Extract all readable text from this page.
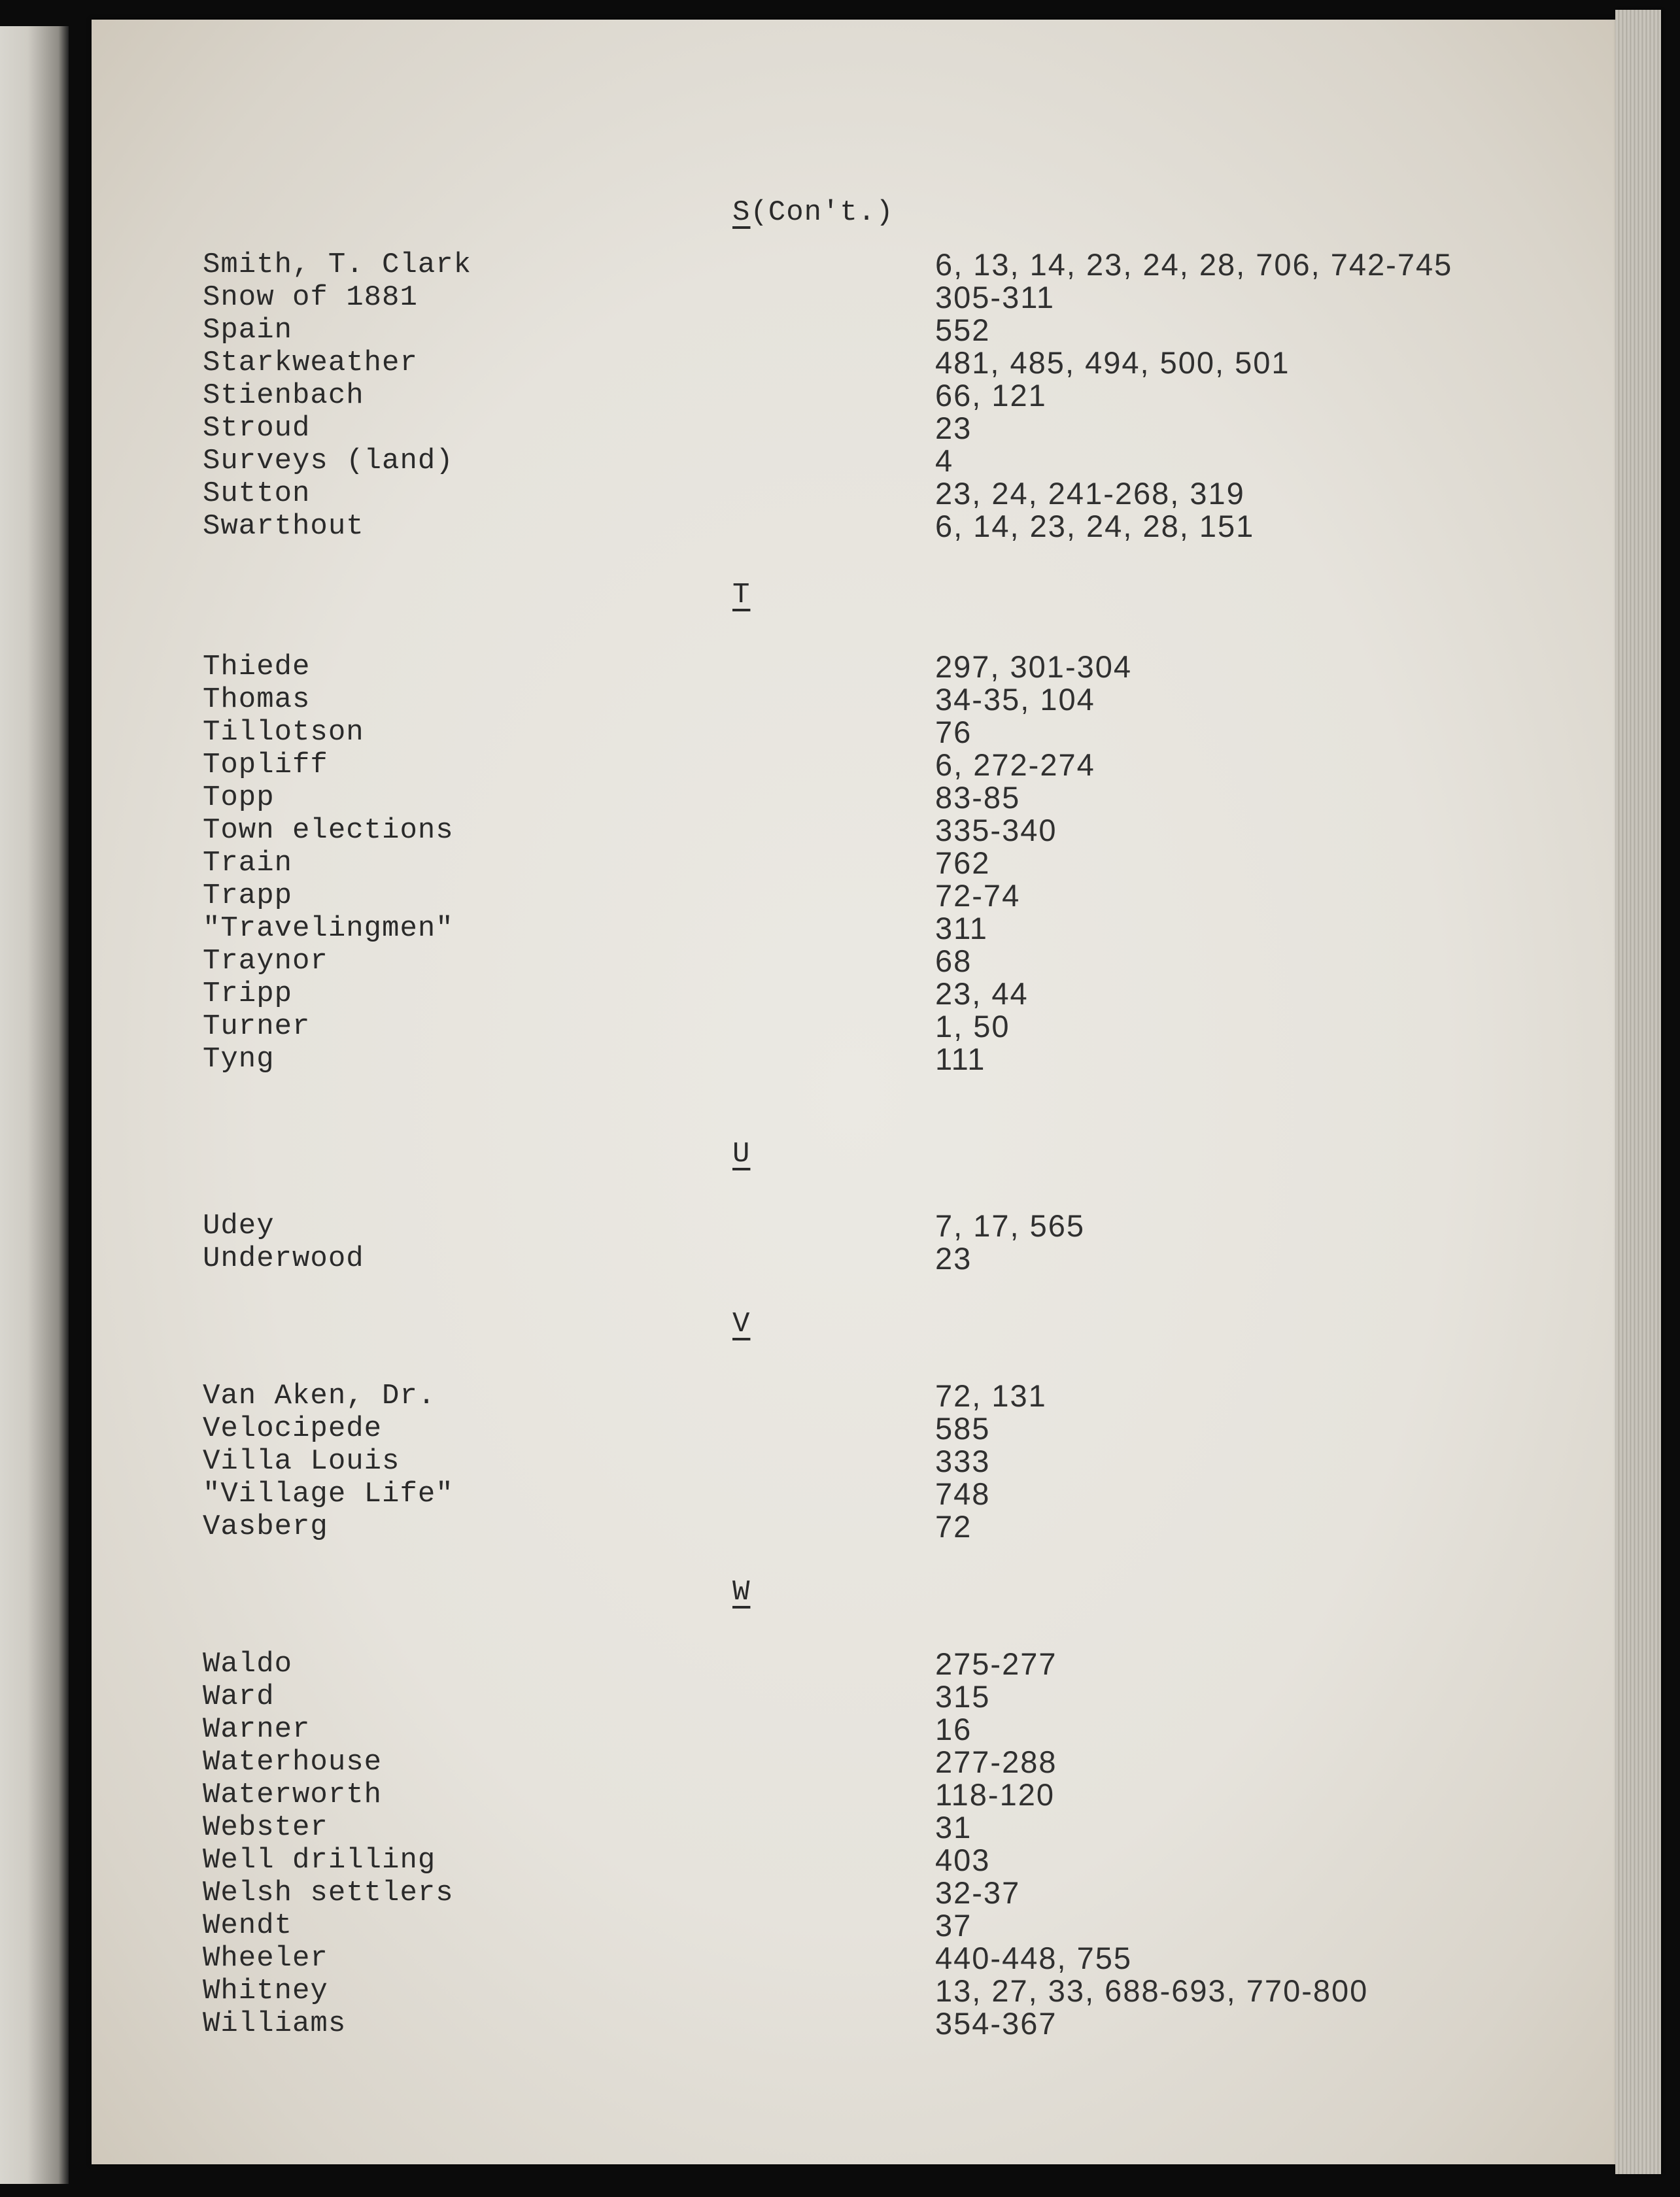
S(Con't.)
Smith, T. Clark	6, 13, 14, 23, 24, 28, 706, 742-745
Snow of 1881	305-311
Spain	552
Starkweather	481, 485, 494, 500, 501
Stienbach	66, 121
Stroud	23
Surveys (land)	4
Sutton	23, 24, 241-268, 319
Swarthout	6, 14, 23, 24, 28, 151
T
Thiede	297, 301-304
Thomas	34-35, 104
Tillotson	76
Topliff	6, 272-274
Topp	83-85
Town elections	335-340
Train	762
Trapp	72-74
"Travelingmen"	311
Traynor	68
Tripp	23, 44
Turner	1, 50
Tyng	111
U
Udey	7, 17, 565
Underwood	23
V
Van Aken, Dr.	72, 131
Velocipede	585
Villa Louis	333
"Village Life"	748
Vasberg	72
W
Waldo	275-277
Ward	315
Warner	16
Waterhouse	277-288
Waterworth	118-120
Webster	31
Well drilling	403
Welsh settlers	32-37
Wendt	37
Wheeler	440-448, 755
Whitney	13, 27, 33, 688-693, 770-800
Williams	354-367
